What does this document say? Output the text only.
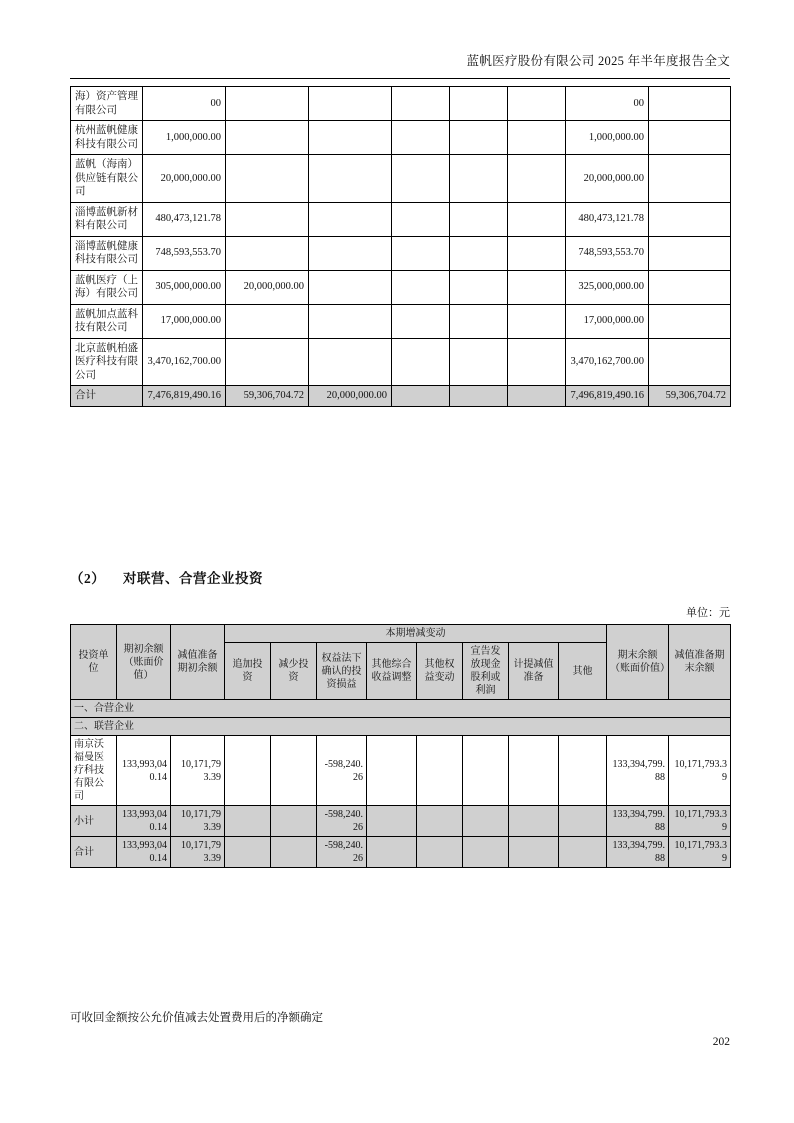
蓝帆医疗股份有限公司 2025 年半年度报告全文
海）资产管理有限公司	00						00	
杭州蓝帆健康科技有限公司	1,000,000.00						1,000,000.00	
蓝帆（海南）供应链有限公司	20,000,000.00						20,000,000.00	
淄博蓝帆新材料有限公司	480,473,121.78						480,473,121.78	
淄博蓝帆健康科技有限公司	748,593,553.70						748,593,553.70	
蓝帆医疗（上海）有限公司	305,000,000.00	20,000,000.00					325,000,000.00	
蓝帆加点蓝科技有限公司	17,000,000.00						17,000,000.00	
北京蓝帆柏盛医疗科技有限公司	3,470,162,700.00						3,470,162,700.00	
合计	7,476,819,490.16	59,306,704.72	20,000,000.00				7,496,819,490.16	59,306,704.72
（2） 对联营、合营企业投资
单位：元
投资单位	期初余额（账面价值）	减值准备期初余额	本期增减变动								期末余额（账面价值）	减值准备期末余额
			追加投资	减少投资	权益法下确认的投资损益	其他综合收益调整	其他权益变动	宣告发放现金股利或利润	计提减值准备	其他		
一、合营企业												
二、联营企业												
南京沃福曼医疗科技有限公司	133,993,040.14	10,171,793.39			-598,240.26						133,394,799.88	10,171,793.39
小计	133,993,040.14	10,171,793.39			-598,240.26						133,394,799.88	10,171,793.39
合计	133,993,040.14	10,171,793.39			-598,240.26						133,394,799.88	10,171,793.39
可收回金额按公允价值减去处置费用后的净额确定
202
